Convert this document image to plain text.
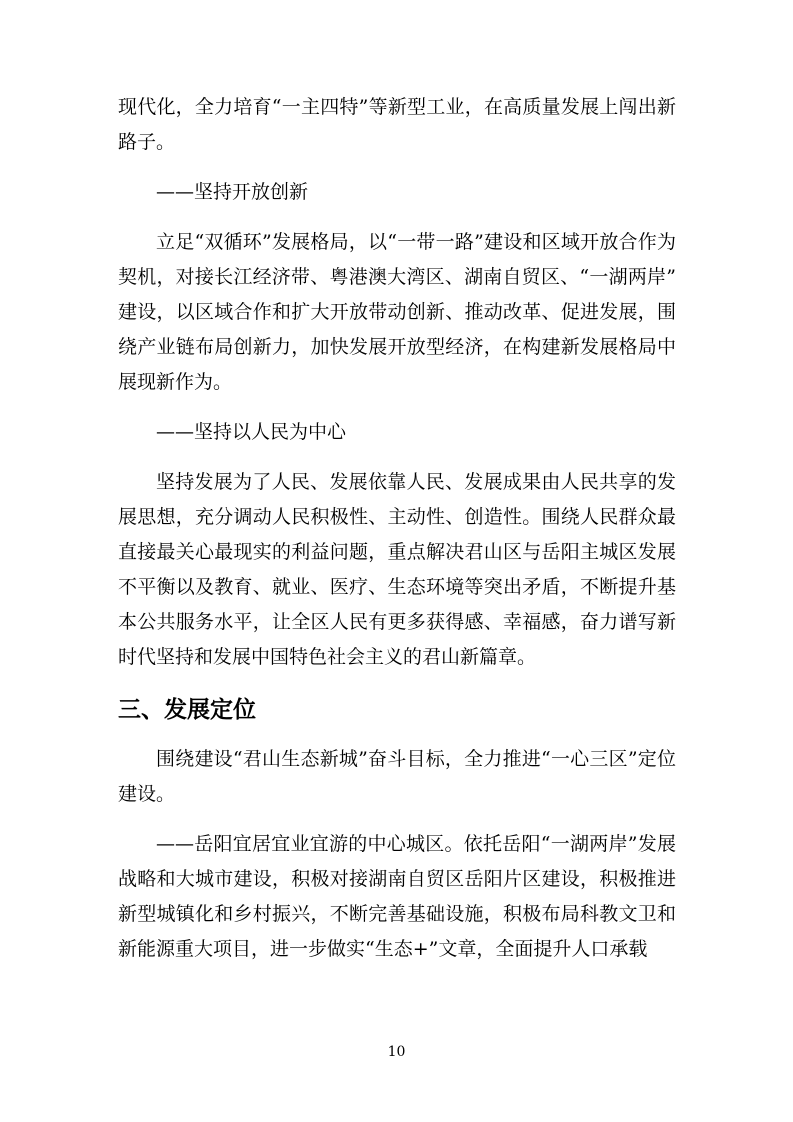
现代化，全力培育“一主四特”等新型工业，在高质量发展上闯出新路子。

——坚持开放创新

立足“双循环”发展格局，以“一带一路”建设和区域开放合作为契机，对接长江经济带、粤港澳大湾区、湖南自贸区、“一湖两岸”建设，以区域合作和扩大开放带动创新、推动改革、促进发展，围绕产业链布局创新力，加快发展开放型经济，在构建新发展格局中展现新作为。

——坚持以人民为中心

坚持发展为了人民、发展依靠人民、发展成果由人民共享的发展思想，充分调动人民积极性、主动性、创造性。围绕人民群众最直接最关心最现实的利益问题，重点解决君山区与岳阳主城区发展不平衡以及教育、就业、医疗、生态环境等突出矛盾，不断提升基本公共服务水平，让全区人民有更多获得感、幸福感，奋力谱写新时代坚持和发展中国特色社会主义的君山新篇章。

三、发展定位

围绕建设“君山生态新城”奋斗目标，全力推进“一心三区”定位建设。

——岳阳宜居宜业宜游的中心城区。依托岳阳“一湖两岸”发展战略和大城市建设，积极对接湖南自贸区岳阳片区建设，积极推进新型城镇化和乡村振兴，不断完善基础设施，积极布局科教文卫和新能源重大项目，进一步做实“生态+”文章，全面提升人口承载

10
